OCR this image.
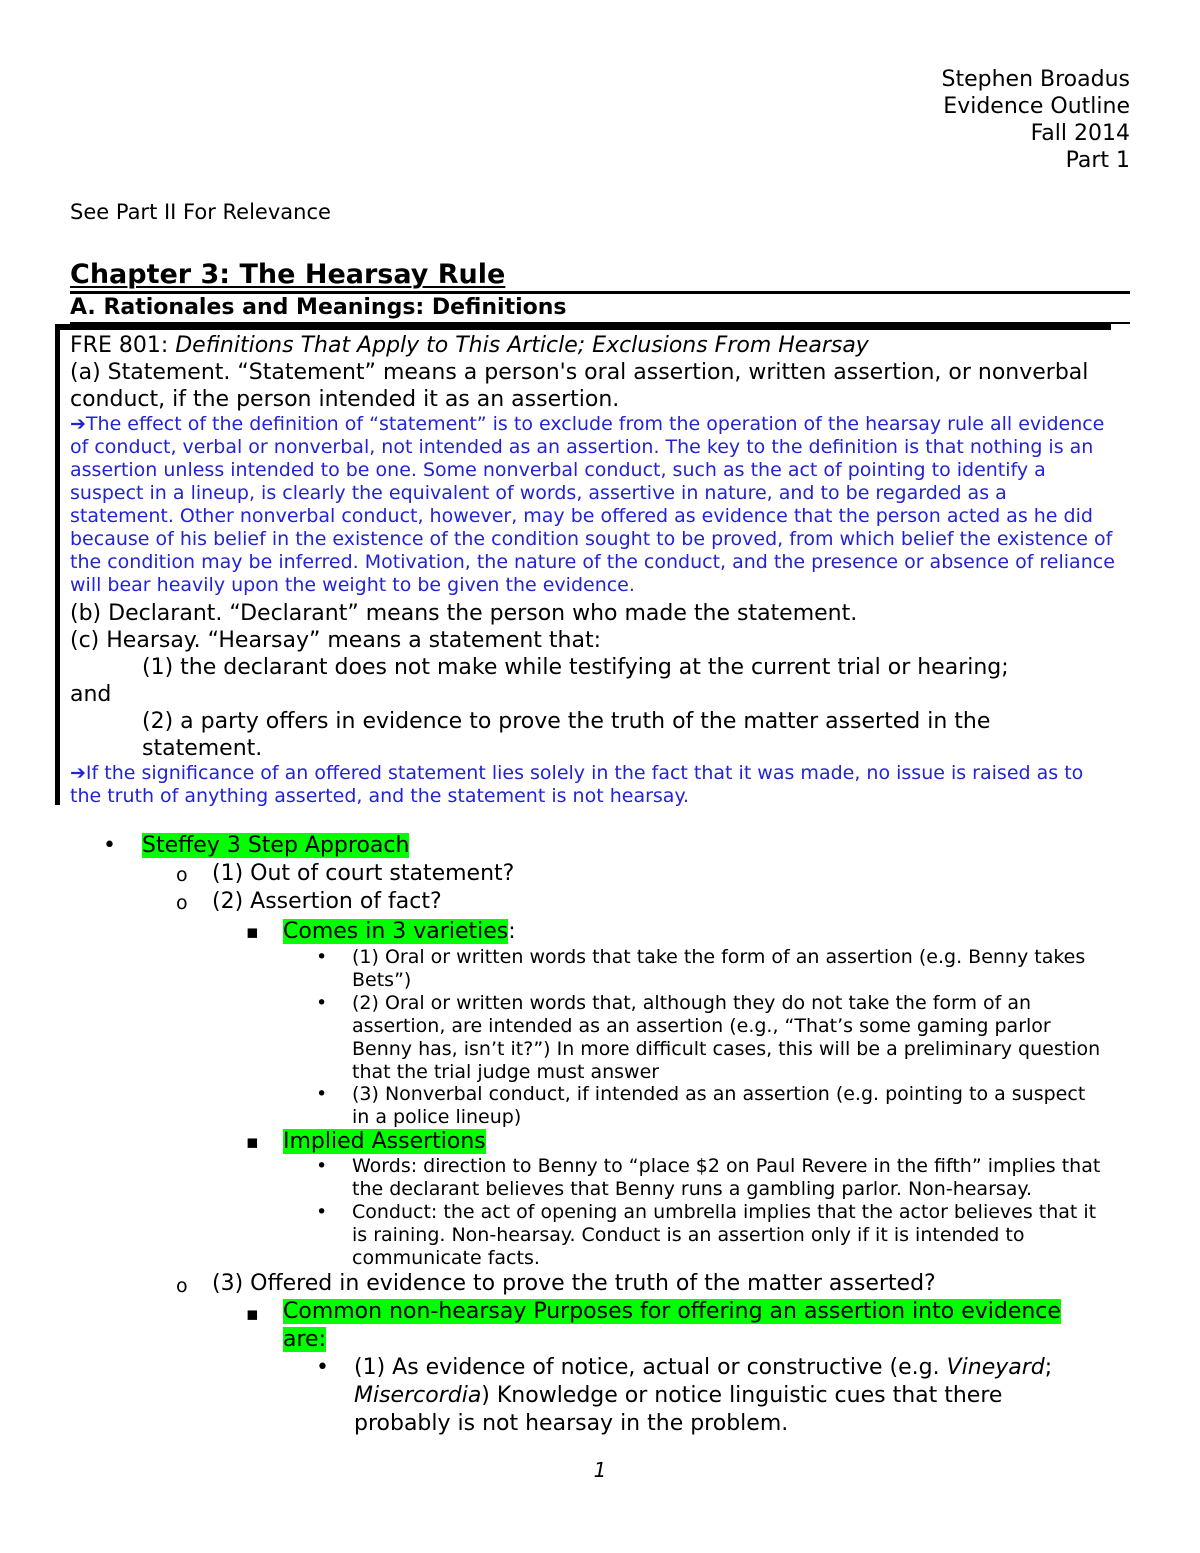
Stephen Broadus
Evidence Outline
Fall 2014
Part 1
See Part II For Relevance
Chapter 3: The Hearsay Rule
A. Rationales and Meanings: Definitions
FRE 801: Definitions That Apply to This Article; Exclusions From Hearsay
(a) Statement. “Statement” means a person's oral assertion, written assertion, or nonverbal conduct, if the person intended it as an assertion.
➔The effect of the definition of “statement” is to exclude from the operation of the hearsay rule all evidence of conduct, verbal or nonverbal, not intended as an assertion. The key to the definition is that nothing is an assertion unless intended to be one. Some nonverbal conduct, such as the act of pointing to identify a suspect in a lineup, is clearly the equivalent of words, assertive in nature, and to be regarded as a statement. Other nonverbal conduct, however, may be offered as evidence that the person acted as he did because of his belief in the existence of the condition sought to be proved, from which belief the existence of the condition may be inferred. Motivation, the nature of the conduct, and the presence or absence of reliance will bear heavily upon the weight to be given the evidence.
(b) Declarant. “Declarant” means the person who made the statement.
(c) Hearsay. “Hearsay” means a statement that:
(1) the declarant does not make while testifying at the current trial or hearing;
and
(2) a party offers in evidence to prove the truth of the matter asserted in the statement.
➔If the significance of an offered statement lies solely in the fact that it was made, no issue is raised as to the truth of anything asserted, and the statement is not hearsay.
• Steffey 3 Step Approach
o (1) Out of court statement?
o (2) Assertion of fact?
▪ Comes in 3 varieties:
• (1) Oral or written words that take the form of an assertion (e.g. Benny takes
Bets”)
• (2) Oral or written words that, although they do not take the form of an
assertion, are intended as an assertion (e.g., “That’s some gaming parlor
Benny has, isn’t it?”) In more difficult cases, this will be a preliminary question
that the trial judge must answer
• (3) Nonverbal conduct, if intended as an assertion (e.g. pointing to a suspect
in a police lineup)
▪ Implied Assertions
• Words: direction to Benny to “place $2 on Paul Revere in the fifth” implies that
the declarant believes that Benny runs a gambling parlor. Non-hearsay.
• Conduct: the act of opening an umbrella implies that the actor believes that it
is raining. Non-hearsay. Conduct is an assertion only if it is intended to
communicate facts.
o (3) Offered in evidence to prove the truth of the matter asserted?
▪ Common non-hearsay Purposes for offering an assertion into evidence
are:
• (1) As evidence of notice, actual or constructive (e.g. Vineyard;
Misercordia) Knowledge or notice linguistic cues that there
probably is not hearsay in the problem.
1
